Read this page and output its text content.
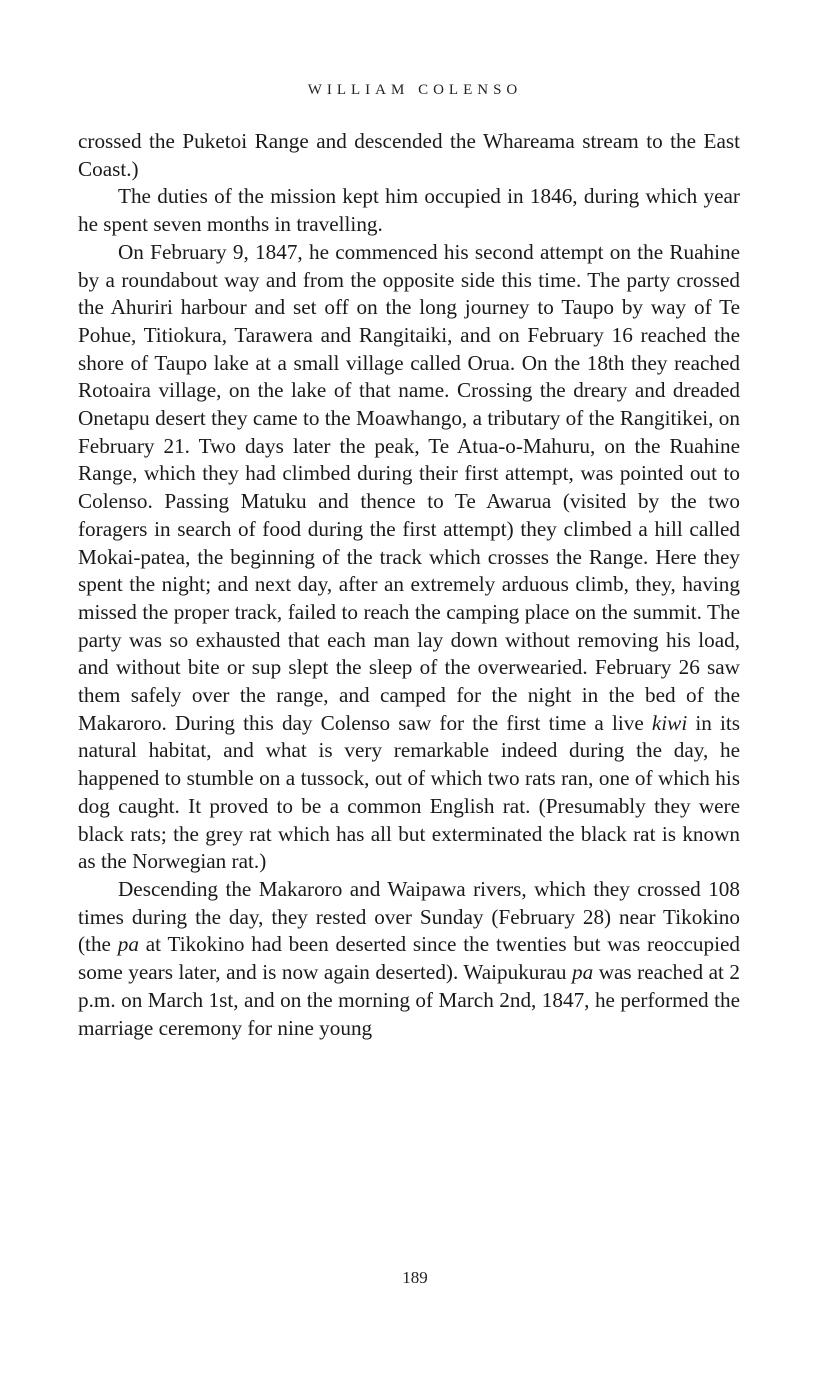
WILLIAM COLENSO

crossed the Puketoi Range and descended the Whareama stream to the East Coast.)

The duties of the mission kept him occupied in 1846, during which year he spent seven months in travelling.

On February 9, 1847, he commenced his second attempt on the Ruahine by a roundabout way and from the opposite side this time. The party crossed the Ahuriri harbour and set off on the long journey to Taupo by way of Te Pohue, Titiokura, Tarawera and Rangitaiki, and on February 16 reached the shore of Taupo lake at a small village called Orua. On the 18th they reached Rotoaira village, on the lake of that name. Crossing the dreary and dreaded Onetapu desert they came to the Moawhango, a tributary of the Rangitikei, on February 21. Two days later the peak, Te Atua-o-Mahuru, on the Ruahine Range, which they had climbed during their first attempt, was pointed out to Colenso. Passing Matuku and thence to Te Awarua (visited by the two foragers in search of food during the first attempt) they climbed a hill called Mokai-patea, the beginning of the track which crosses the Range. Here they spent the night; and next day, after an extremely arduous climb, they, having missed the proper track, failed to reach the camping place on the summit. The party was so exhausted that each man lay down without removing his load, and without bite or sup slept the sleep of the overwearied. February 26 saw them safely over the range, and camped for the night in the bed of the Makaroro. During this day Colenso saw for the first time a live kiwi in its natural habitat, and what is very remarkable indeed during the day, he happened to stumble on a tussock, out of which two rats ran, one of which his dog caught. It proved to be a common English rat. (Presumably they were black rats; the grey rat which has all but exterminated the black rat is known as the Norwegian rat.)

Descending the Makaroro and Waipawa rivers, which they crossed 108 times during the day, they rested over Sunday (February 28) near Tikokino (the pa at Tikokino had been deserted since the twenties but was reoccupied some years later, and is now again deserted). Waipukurau pa was reached at 2 p.m. on March 1st, and on the morning of March 2nd, 1847, he performed the marriage ceremony for nine young

189
